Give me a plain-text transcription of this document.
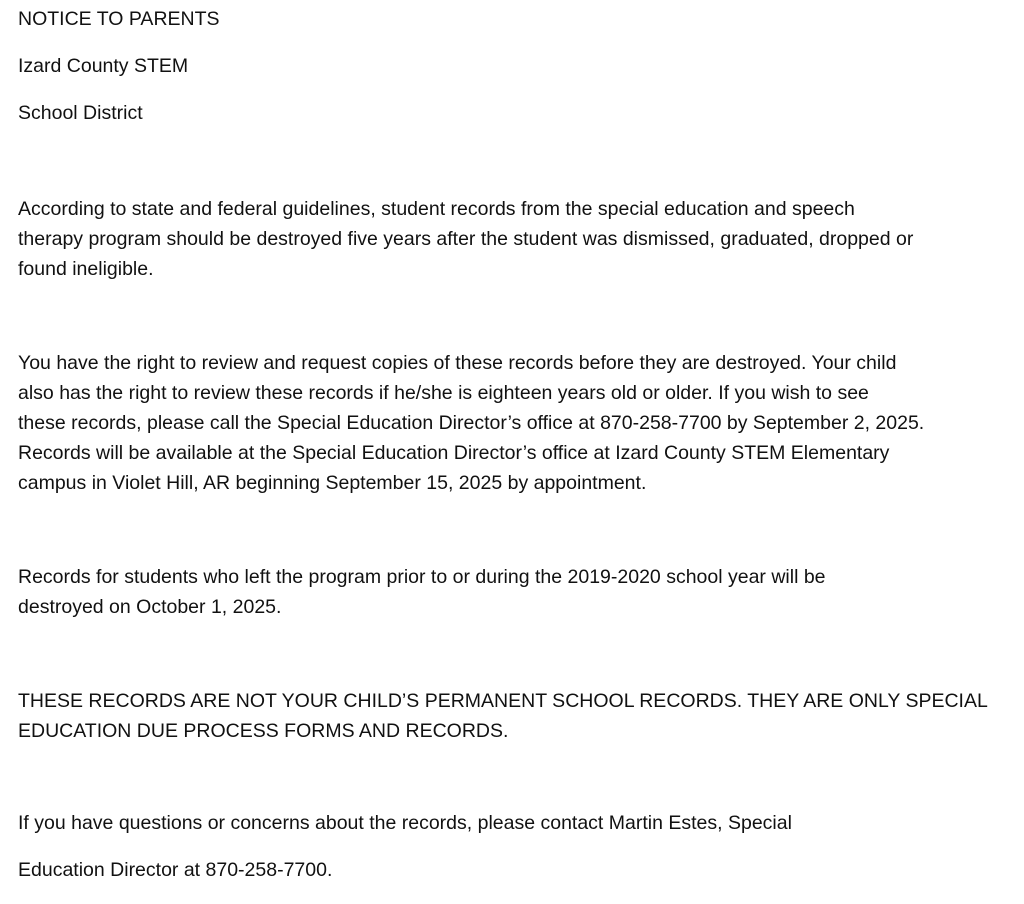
NOTICE TO PARENTS

Izard County STEM

School District

According to state and federal guidelines, student records from the special education and speech
therapy program should be destroyed five years after the student was dismissed, graduated, dropped or
found ineligible.
You have the right to review and request copies of these records before they are destroyed. Your child
also has the right to review these records if he/she is eighteen years old or older. If you wish to see
these records, please call the Special Education Director’s office at 870-258-7700 by September 2, 2025.
Records will be available at the Special Education Director’s office at Izard County STEM Elementary
campus in Violet Hill, AR beginning September 15, 2025 by appointment.
Records for students who left the program prior to or during the 2019-2020 school year will be
destroyed on October 1, 2025.
THESE RECORDS ARE NOT YOUR CHILD’S PERMANENT SCHOOL RECORDS. THEY ARE ONLY SPECIAL
EDUCATION DUE PROCESS FORMS AND RECORDS.

If you have questions or concerns about the records, please contact Martin Estes, Special

Education Director at 870-258-7700.
